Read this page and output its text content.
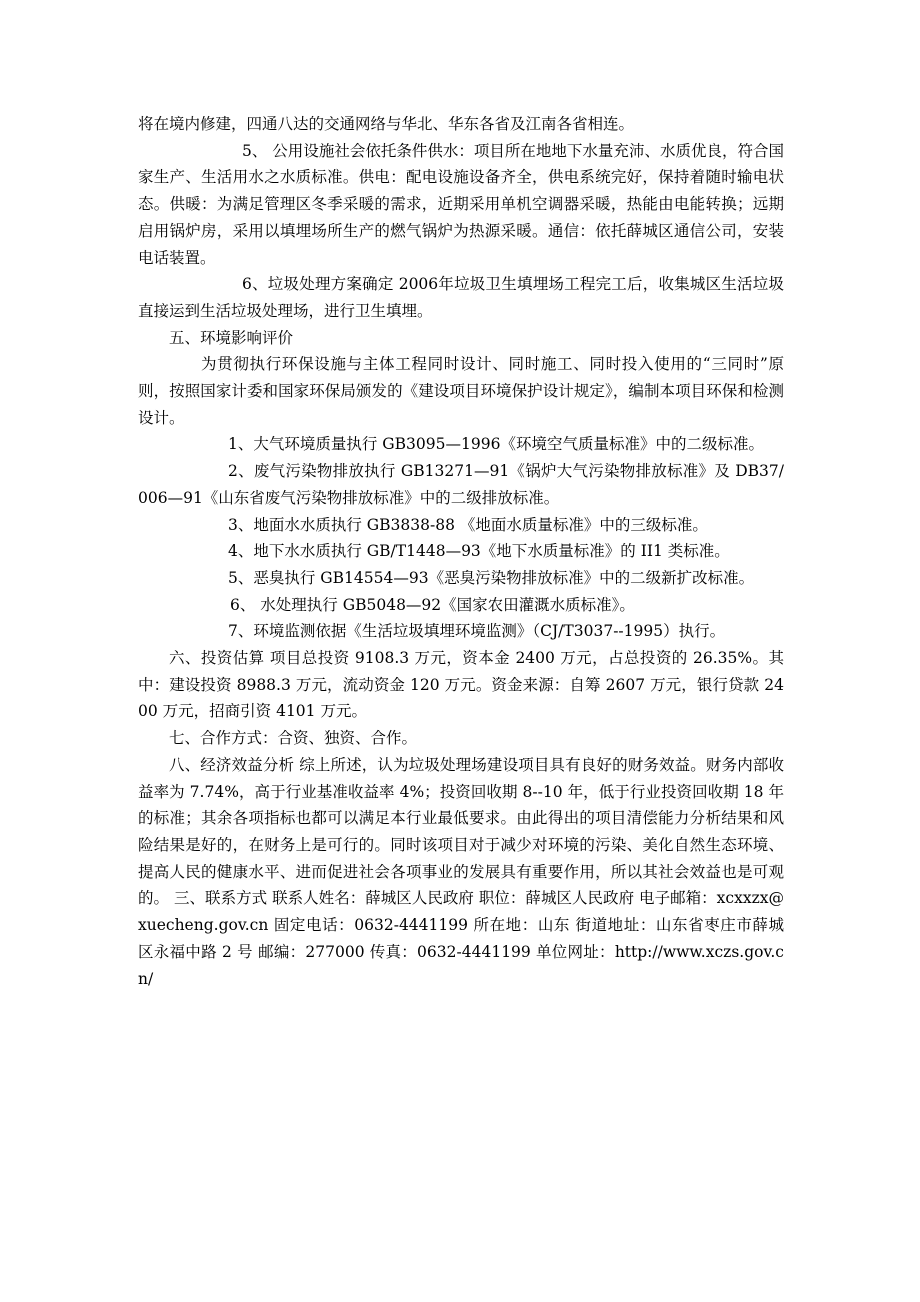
将在境内修建，四通八达的交通网络与华北、华东各省及江南各省相连。

5、 公用设施社会依托条件供水：项目所在地地下水量充沛、水质优良，符合国家生产、生活用水之水质标准。供电：配电设施设备齐全，供电系统完好，保持着随时输电状态。供暖：为满足管理区冬季采暖的需求，近期采用单机空调器采暖，热能由电能转换；远期启用锅炉房，采用以填埋场所生产的燃气锅炉为热源采暖。通信：依托薛城区通信公司，安装电话装置。

6、垃圾处理方案确定 2006年垃圾卫生填埋场工程完工后，收集城区生活垃圾直接运到生活垃圾处理场，进行卫生填埋。

五、环境影响评价

为贯彻执行环保设施与主体工程同时设计、同时施工、同时投入使用的“三同时”原则，按照国家计委和国家环保局颁发的《建设项目环境保护设计规定》，编制本项目环保和检测设计。

1、大气环境质量执行 GB3095—1996《环境空气质量标准》中的二级标准。

2、废气污染物排放执行 GB13271—91《锅炉大气污染物排放标准》及 DB37/006—91《山东省废气污染物排放标准》中的二级排放标准。

3、地面水水质执行 GB3838-88 《地面水质量标准》中的三级标准。

4、地下水水质执行 GB/T1448—93《地下水质量标准》的 II1 类标准。

5、恶臭执行 GB14554—93《恶臭污染物排放标准》中的二级新扩改标准。

6、 水处理执行 GB5048—92《国家农田灌溉水质标准》。

7、环境监测依据《生活垃圾填埋环境监测》（CJ/T3037--1995）执行。

六、投资估算 项目总投资 9108.3 万元，资本金 2400 万元，占总投资的 26.35%。其中：建设投资 8988.3 万元，流动资金 120 万元。资金来源：自筹 2607 万元，银行贷款 2400 万元，招商引资 4101 万元。

七、合作方式：合资、独资、合作。

八、经济效益分析 综上所述，认为垃圾处理场建设项目具有良好的财务效益。财务内部收益率为 7.74%，高于行业基准收益率 4%；投资回收期 8--10 年，低于行业投资回收期 18 年的标准；其余各项指标也都可以满足本行业最低要求。由此得出的项目清偿能力分析结果和风险结果是好的，在财务上是可行的。同时该项目对于减少对环境的污染、美化自然生态环境、提高人民的健康水平、进而促进社会各项事业的发展具有重要作用，所以其社会效益也是可观的。 三、联系方式 联系人姓名：薛城区人民政府 职位：薛城区人民政府 电子邮箱：xcxxzx@xuecheng.gov.cn 固定电话：0632-4441199 所在地：山东 街道地址：山东省枣庄市薛城区永福中路 2 号 邮编：277000 传真：0632-4441199 单位网址：http://www.xczs.gov.cn/
